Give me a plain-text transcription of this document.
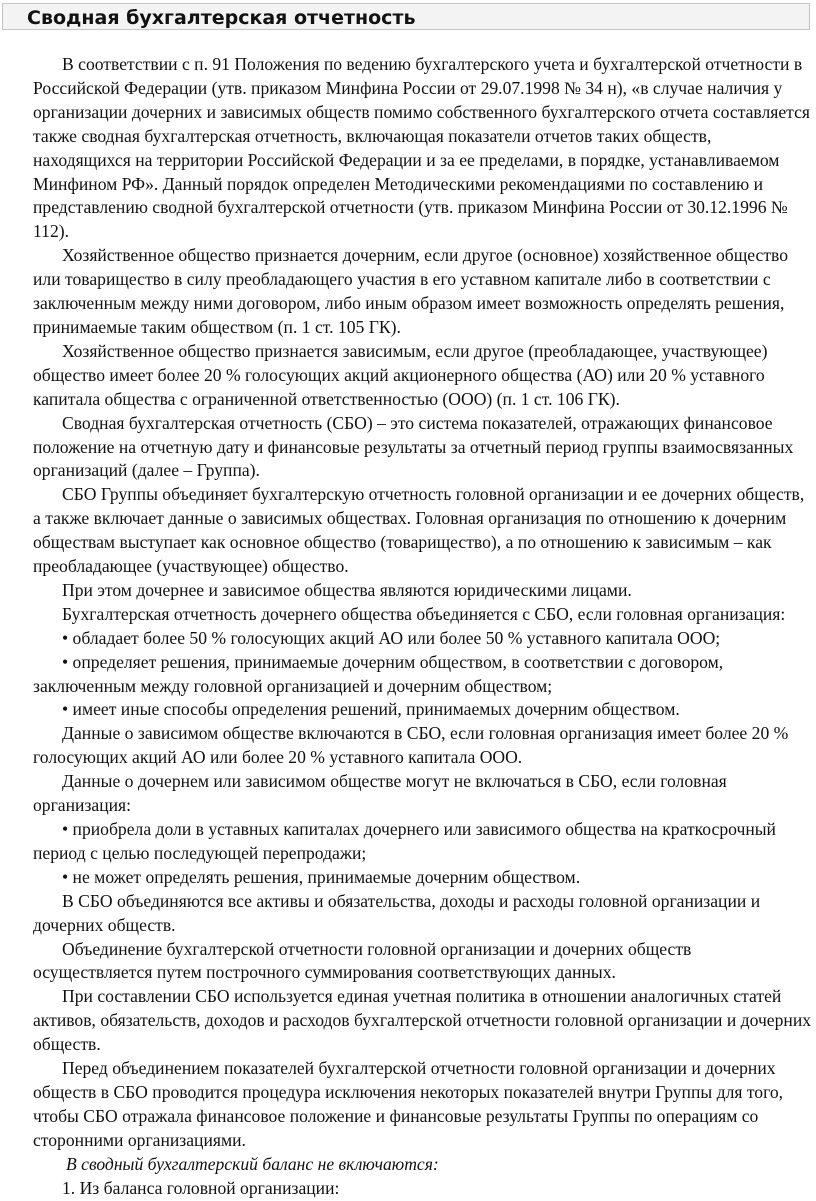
Сводная бухгалтерская отчетность

В соответствии с п. 91 Положения по ведению бухгалтерского учета и бухгалтерской отчетности в Российской Федерации (утв. приказом Минфина России от 29.07.1998 № 34 н), «в случае наличия у организации дочерних и зависимых обществ помимо собственного бухгалтерского отчета составляется также сводная бухгалтерская отчетность, включающая показатели отчетов таких обществ, находящихся на территории Российской Федерации и за ее пределами, в порядке, устанавливаемом Минфином РФ». Данный порядок определен Методическими рекомендациями по составлению и представлению сводной бухгалтерской отчетности (утв. приказом Минфина России от 30.12.1996 № 112).

Хозяйственное общество признается дочерним, если другое (основное) хозяйственное общество или товарищество в силу преобладающего участия в его уставном капитале либо в соответствии с заключенным между ними договором, либо иным образом имеет возможность определять решения, принимаемые таким обществом (п. 1 ст. 105 ГК).

Хозяйственное общество признается зависимым, если другое (преобладающее, участвующее) общество имеет более 20 % голосующих акций акционерного общества (АО) или 20 % уставного капитала общества с ограниченной ответственностью (ООО) (п. 1 ст. 106 ГК).

Сводная бухгалтерская отчетность (СБО) – это система показателей, отражающих финансовое положение на отчетную дату и финансовые результаты за отчетный период группы взаимосвязанных организаций (далее – Группа).

СБО Группы объединяет бухгалтерскую отчетность головной организации и ее дочерних обществ, а также включает данные о зависимых обществах. Головная организация по отношению к дочерним обществам выступает как основное общество (товарищество), а по отношению к зависимым – как преобладающее (участвующее) общество.

При этом дочернее и зависимое общества являются юридическими лицами.

Бухгалтерская отчетность дочернего общества объединяется с СБО, если головная организация:

• обладает более 50 % голосующих акций АО или более 50 % уставного капитала ООО;

• определяет решения, принимаемые дочерним обществом, в соответствии с договором, заключенным между головной организацией и дочерним обществом;

• имеет иные способы определения решений, принимаемых дочерним обществом.

Данные о зависимом обществе включаются в СБО, если головная организация имеет более 20 % голосующих акций АО или более 20 % уставного капитала ООО.

Данные о дочернем или зависимом обществе могут не включаться в СБО, если головная организация:

• приобрела доли в уставных капиталах дочернего или зависимого общества на краткосрочный период с целью последующей перепродажи;

• не может определять решения, принимаемые дочерним обществом.

В СБО объединяются все активы и обязательства, доходы и расходы головной организации и дочерних обществ.

Объединение бухгалтерской отчетности головной организации и дочерних обществ осуществляется путем построчного суммирования соответствующих данных.

При составлении СБО используется единая учетная политика в отношении аналогичных статей активов, обязательств, доходов и расходов бухгалтерской отчетности головной организации и дочерних обществ.

Перед объединением показателей бухгалтерской отчетности головной организации и дочерних обществ в СБО проводится процедура исключения некоторых показателей внутри Группы для того, чтобы СБО отражала финансовое положение и финансовые результаты Группы по операциям со сторонними организациями.

В сводный бухгалтерский баланс не включаются:

1. Из баланса головной организации:
